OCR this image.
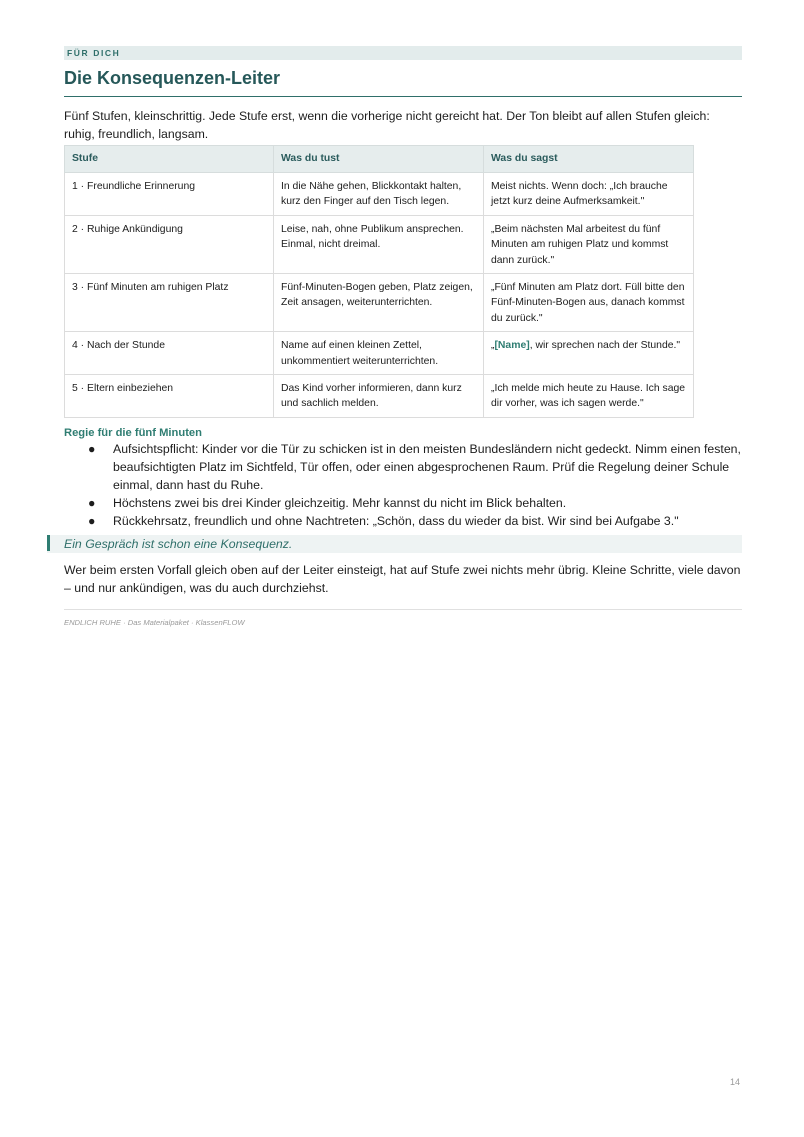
FÜR DICH
Die Konsequenzen-Leiter

Fünf Stufen, kleinschrittig. Jede Stufe erst, wenn die vorherige nicht gereicht hat. Der Ton bleibt auf allen Stufen gleich: ruhig, freundlich, langsam.

Stufe	Was du tust	Was du sagst
1 · Freundliche Erinnerung	In die Nähe gehen, Blickkontakt halten, kurz den Finger auf den Tisch legen.	Meist nichts. Wenn doch: „Ich brauche jetzt kurz deine Aufmerksamkeit."
2 · Ruhige Ankündigung	Leise, nah, ohne Publikum ansprechen. Einmal, nicht dreimal.	„Beim nächsten Mal arbeitest du fünf Minuten am ruhigen Platz und kommst dann zurück."
3 · Fünf Minuten am ruhigen Platz	Fünf-Minuten-Bogen geben, Platz zeigen, Zeit ansagen, weiterunterrichten.	„Fünf Minuten am Platz dort. Füll bitte den Fünf-Minuten-Bogen aus, danach kommst du zurück."
4 · Nach der Stunde	Name auf einen kleinen Zettel, unkommentiert weiterunterrichten.	„[Name], wir sprechen nach der Stunde."
5 · Eltern einbeziehen	Das Kind vorher informieren, dann kurz und sachlich melden.	„Ich melde mich heute zu Hause. Ich sage dir vorher, was ich sagen werde."
Regie für die fünf Minuten
● Aufsichtspflicht: Kinder vor die Tür zu schicken ist in den meisten Bundesländern nicht gedeckt. Nimm einen festen, beaufsichtigten Platz im Sichtfeld, Tür offen, oder einen abgesprochenen Raum. Prüf die Regelung deiner Schule einmal, dann hast du Ruhe.
● Höchstens zwei bis drei Kinder gleichzeitig. Mehr kannst du nicht im Blick behalten.
● Rückkehrsatz, freundlich und ohne Nachtreten: „Schön, dass du wieder da bist. Wir sind bei Aufgabe 3."
Ein Gespräch ist schon eine Konsequenz.

Wer beim ersten Vorfall gleich oben auf der Leiter einsteigt, hat auf Stufe zwei nichts mehr übrig. Kleine Schritte, viele davon – und nur ankündigen, was du auch durchziehst.

ENDLICH RUHE · Das Materialpaket · KlassenFLOW
14
